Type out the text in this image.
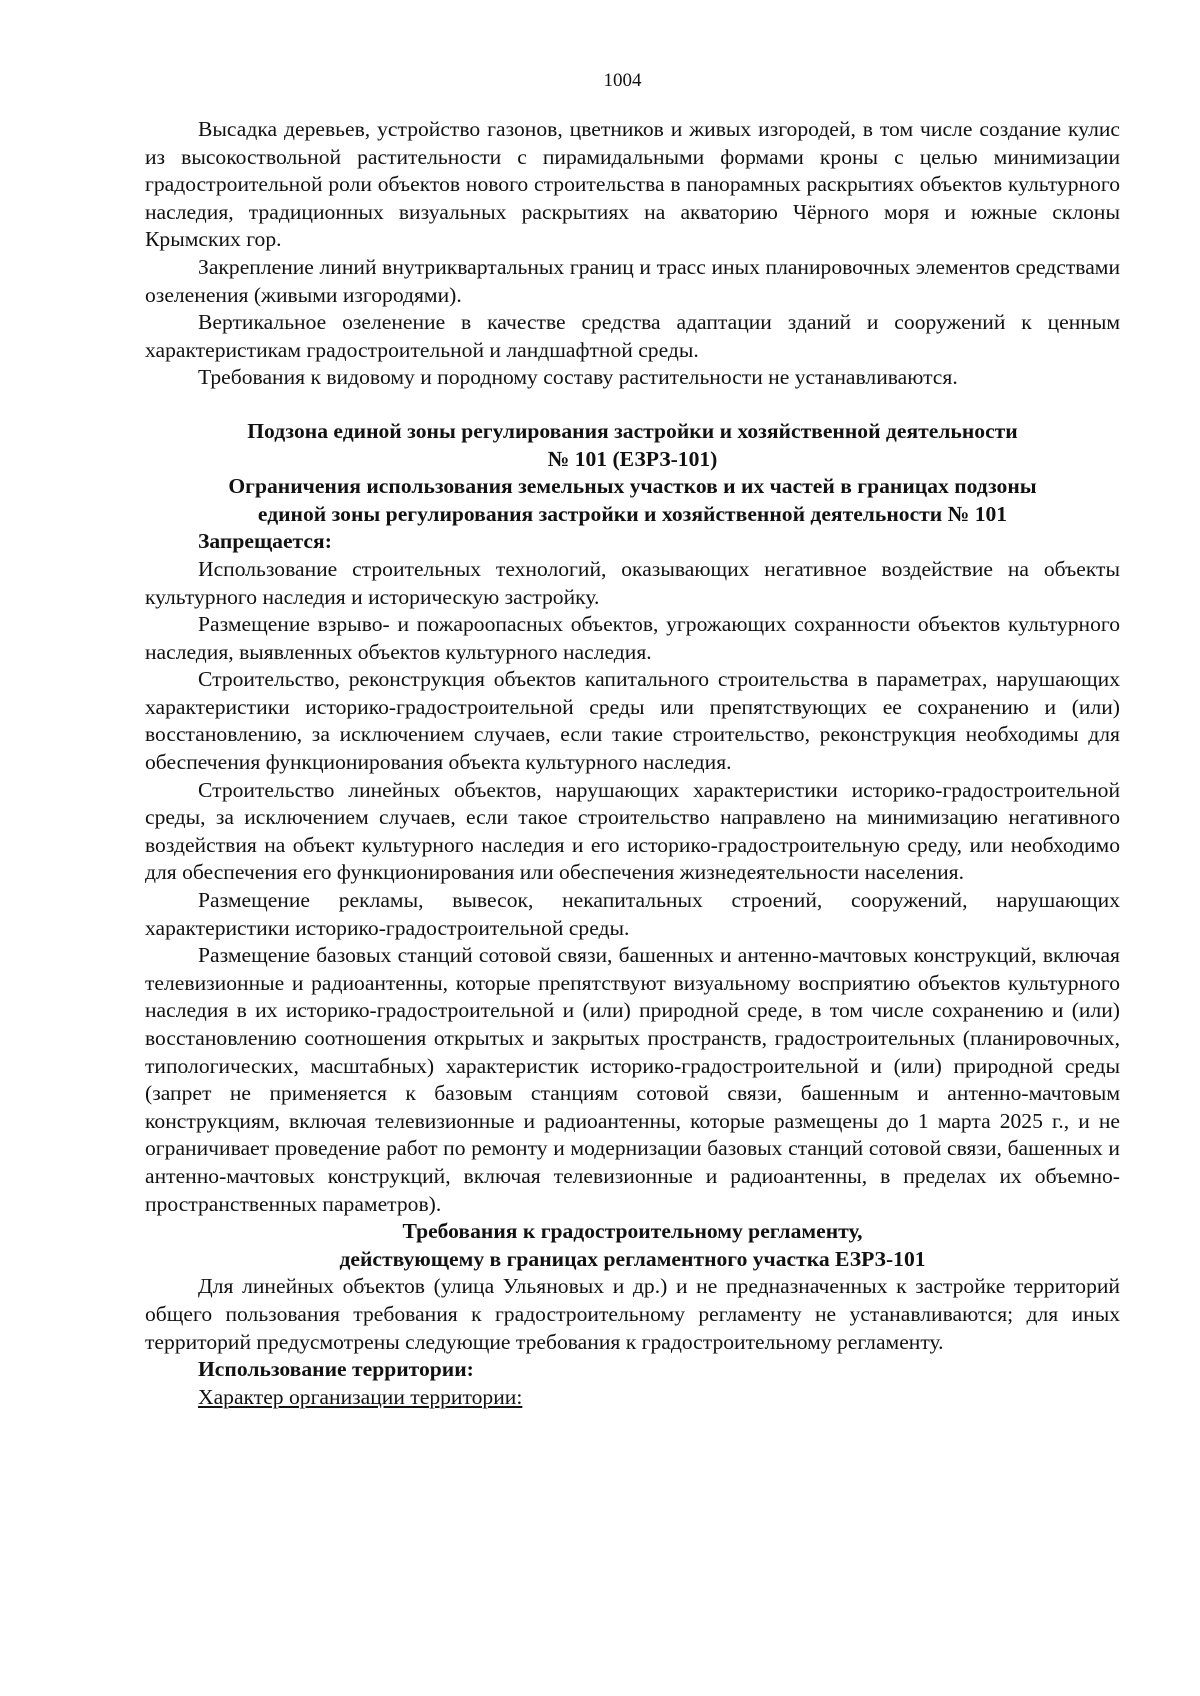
1004

Высадка деревьев, устройство газонов, цветников и живых изгородей, в том числе создание кулис из высокоствольной растительности с пирамидальными формами кроны с целью минимизации градостроительной роли объектов нового строительства в панорамных раскрытиях объектов культурного наследия, традиционных визуальных раскрытиях на акваторию Чёрного моря и южные склоны Крымских гор.

Закрепление линий внутриквартальных границ и трасс иных планировочных элементов средствами озеленения (живыми изгородями).

Вертикальное озеленение в качестве средства адаптации зданий и сооружений к ценным характеристикам градостроительной и ландшафтной среды.

Требования к видовому и породному составу растительности не устанавливаются.

Подзона единой зоны регулирования застройки и хозяйственной деятельности

№ 101 (ЕЗРЗ-101)

Ограничения использования земельных участков и их частей в границах подзоны

единой зоны регулирования застройки и хозяйственной деятельности № 101

Запрещается:

Использование строительных технологий, оказывающих негативное воздействие на объекты культурного наследия и историческую застройку.

Размещение взрыво- и пожароопасных объектов, угрожающих сохранности объектов культурного наследия, выявленных объектов культурного наследия.

Строительство, реконструкция объектов капитального строительства в параметрах, нарушающих характеристики историко-градостроительной среды или препятствующих ее сохранению и (или) восстановлению, за исключением случаев, если такие строительство, реконструкция необходимы для обеспечения функционирования объекта культурного наследия.

Строительство линейных объектов, нарушающих характеристики историко-градостроительной среды, за исключением случаев, если такое строительство направлено на минимизацию негативного воздействия на объект культурного наследия и его историко-градостроительную среду, или необходимо для обеспечения его функционирования или обеспечения жизнедеятельности населения.

Размещение рекламы, вывесок, некапитальных строений, сооружений, нарушающих характеристики историко-градостроительной среды.

Размещение базовых станций сотовой связи, башенных и антенно-мачтовых конструкций, включая телевизионные и радиоантенны, которые препятствуют визуальному восприятию объектов культурного наследия в их историко-градостроительной и (или) природной среде, в том числе сохранению и (или) восстановлению соотношения открытых и закрытых пространств, градостроительных (планировочных, типологических, масштабных) характеристик историко-градостроительной и (или) природной среды (запрет не применяется к базовым станциям сотовой связи, башенным и антенно-мачтовым конструкциям, включая телевизионные и радиоантенны, которые размещены до 1 марта 2025 г., и не ограничивает проведение работ по ремонту и модернизации базовых станций сотовой связи, башенных и антенно-мачтовых конструкций, включая телевизионные и радиоантенны, в пределах их объемно-пространственных параметров).

Требования к градостроительному регламенту,

действующему в границах регламентного участка ЕЗРЗ-101

Для линейных объектов (улица Ульяновых и др.) и не предназначенных к застройке территорий общего пользования требования к градостроительному регламенту не устанавливаются; для иных территорий предусмотрены следующие требования к градостроительному регламенту.

Использование территории:

Характер организации территории:
